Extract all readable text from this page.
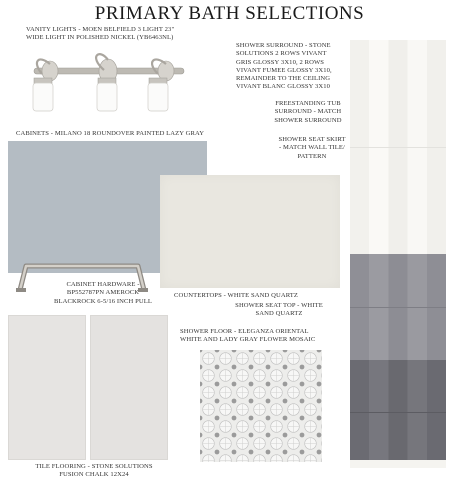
PRIMARY BATH SELECTIONS
VANITY LIGHTS - MOEN BELFIELD 3 LIGHT 23"
WIDE LIGHT IN POLISHED NICKEL (YB6463NL)
CABINETS - MILANO 18 ROUNDOVER PAINTED LAZY GRAY
CABINET HARDWARE -
BP552787PN AMEROCK
BLACKROCK 6-5/16 INCH PULL
COUNTERTOPS - WHITE SAND QUARTZ
SHOWER SEAT TOP - WHITE
SAND QUARTZ
SHOWER FLOOR - ELEGANZA ORIENTAL
WHITE AND LADY GRAY FLOWER MOSAIC
TILE FLOORING - STONE SOLUTIONS
FUSION CHALK 12X24
SHOWER SURROUND - STONE
SOLUTIONS 2 ROWS VIVANT
GRIS GLOSSY 3X10, 2 ROWS
VIVANT FUMEE GLOSSY 3X10,
REMAINDER TO THE CEILING
VIVANT BLANC GLOSSY 3X10
FREESTANDING TUB
SURROUND - MATCH
SHOWER SURROUND
SHOWER SEAT SKIRT
- MATCH WALL TILE/
PATTERN
